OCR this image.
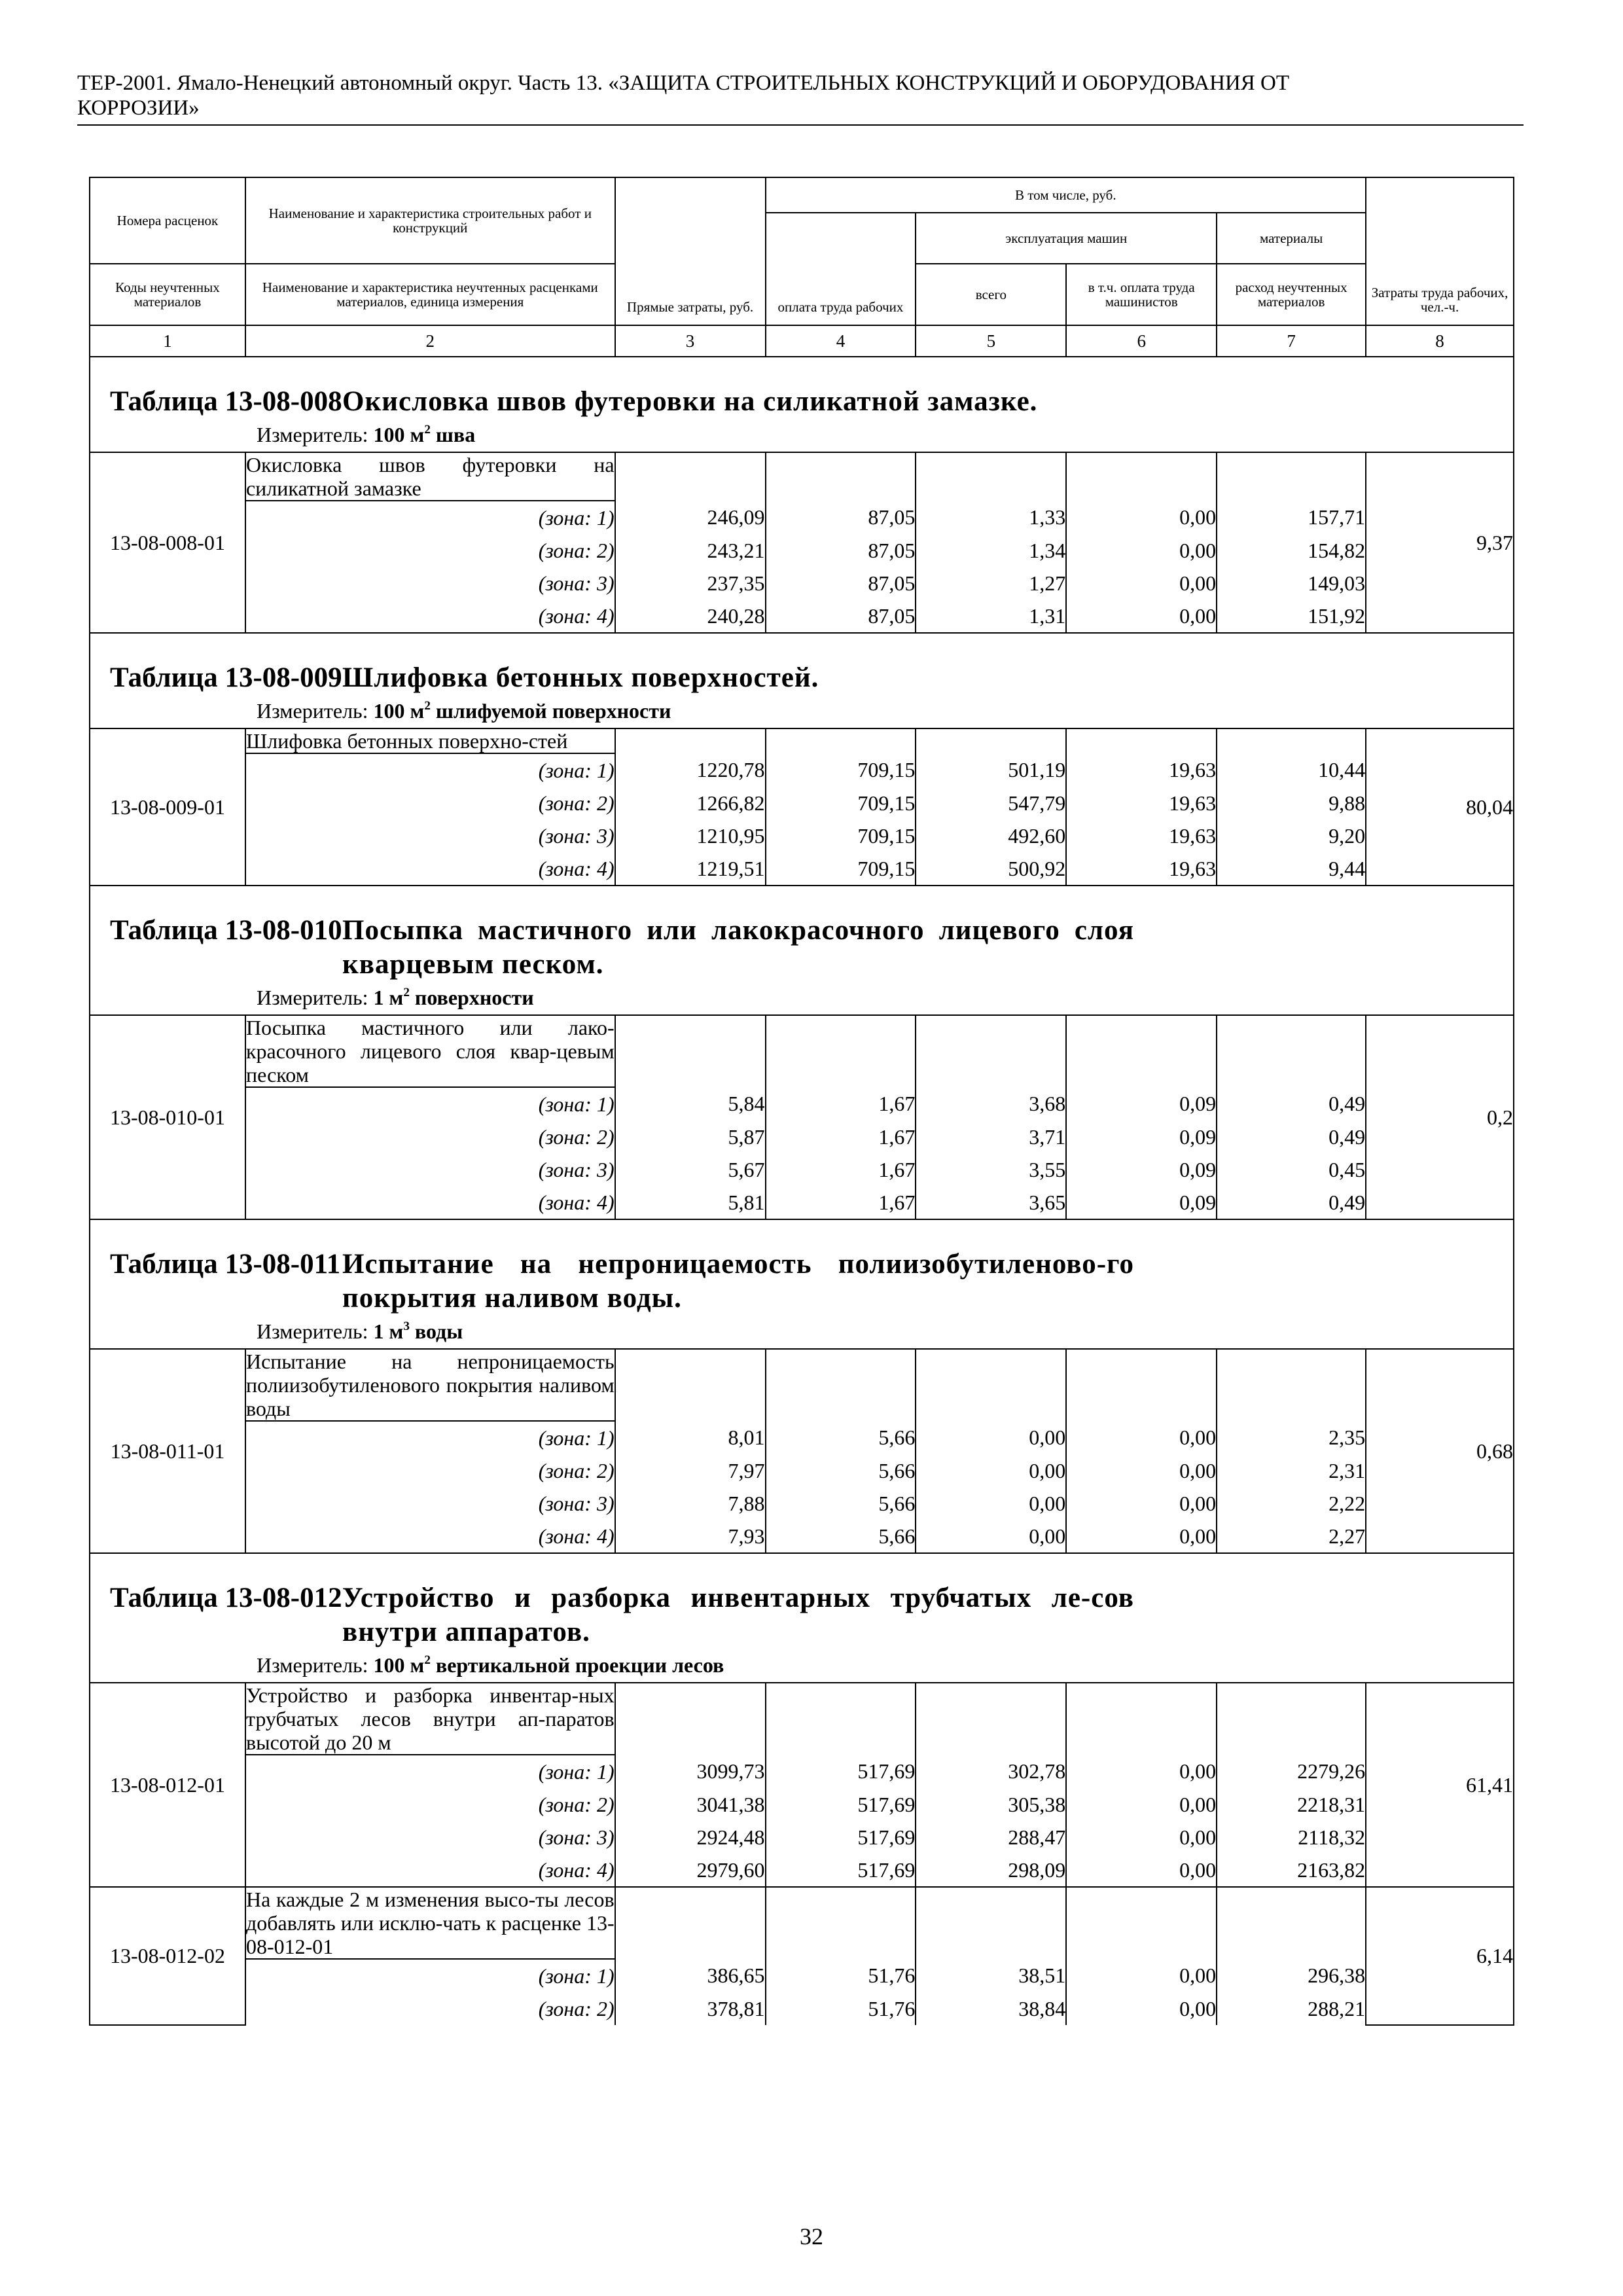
ТЕР-2001. Ямало-Ненецкий автономный округ. Часть 13. «ЗАЩИТА СТРОИТЕЛЬНЫХ КОНСТРУКЦИЙ И ОБОРУДОВАНИЯ ОТ
КОРРОЗИИ»
Номера расценок	Наименование и характеристика строительных работ и конструкций	Прямые затраты, руб.	В том числе, руб.				Затраты труда рабочих, чел.-ч.
			оплата труда рабочих	эксплуатация машин		материалы	
Коды неучтенных материалов	Наименование и характеристика неучтенных расценками материалов, единица измерения			всего	в т.ч. оплата труда машинистов	расход неучтенных материалов	
1	2	3	4	5	6	7	8

Таблица 13-08-008 Окисловка швов футеровки на силикатной замазке.
Измеритель: 100 $м^2$ шва							

13-08-008-01	Окисловка швов футеровки на силикатной замазке						9,37
	(зона: 1)	246,09	87,05	1,33	0,00	157,71	
	(зона: 2)	243,21	87,05	1,34	0,00	154,82	
	(зона: 3)	237,35	87,05	1,27	0,00	149,03	
	(зона: 4)	240,28	87,05	1,31	0,00	151,92	

Таблица 13-08-009 Шлифовка бетонных поверхностей.
Измеритель: 100 $м^2$ шлифуемой поверхности							

13-08-009-01	Шлифовка бетонных поверхно-стей						80,04
	(зона: 1)	1220,78	709,15	501,19	19,63	10,44	
	(зона: 2)	1266,82	709,15	547,79	19,63	9,88	
	(зона: 3)	1210,95	709,15	492,60	19,63	9,20	
	(зона: 4)	1219,51	709,15	500,92	19,63	9,44	

Таблица 13-08-010 Посыпка мастичного или лакокрасочного лицевого слоя кварцевым песком.
Измеритель: 1 $м^2$ поверхности							

13-08-010-01	Посыпка мастичного или лако-красочного лицевого слоя квар-цевым песком						0,2
	(зона: 1)	5,84	1,67	3,68	0,09	0,49	
	(зона: 2)	5,87	1,67	3,71	0,09	0,49	
	(зона: 3)	5,67	1,67	3,55	0,09	0,45	
	(зона: 4)	5,81	1,67	3,65	0,09	0,49	

Таблица 13-08-011 Испытание на непроницаемость полиизобутиленово-го покрытия наливом воды.
Измеритель: 1 $м^3$ воды							

13-08-011-01	Испытание на непроницаемость полиизобутиленового покрытия наливом воды						0,68
	(зона: 1)	8,01	5,66	0,00	0,00	2,35	
	(зона: 2)	7,97	5,66	0,00	0,00	2,31	
	(зона: 3)	7,88	5,66	0,00	0,00	2,22	
	(зона: 4)	7,93	5,66	0,00	0,00	2,27	

Таблица 13-08-012 Устройство и разборка инвентарных трубчатых ле-сов внутри аппаратов.
Измеритель: 100 $м^2$ вертикальной проекции лесов							

13-08-012-01	Устройство и разборка инвентар-ных трубчатых лесов внутри ап-паратов высотой до 20 м						61,41
	(зона: 1)	3099,73	517,69	302,78	0,00	2279,26	
	(зона: 2)	3041,38	517,69	305,38	0,00	2218,31	
	(зона: 3)	2924,48	517,69	288,47	0,00	2118,32	
	(зона: 4)	2979,60	517,69	298,09	0,00	2163,82	
13-08-012-02	На каждые 2 м изменения высо-ты лесов добавлять или исклю-чать к расценке 13-08-012-01						6,14
	(зона: 1)	386,65	51,76	38,51	0,00	296,38	
	(зона: 2)	378,81	51,76	38,84	0,00	288,21	
32
